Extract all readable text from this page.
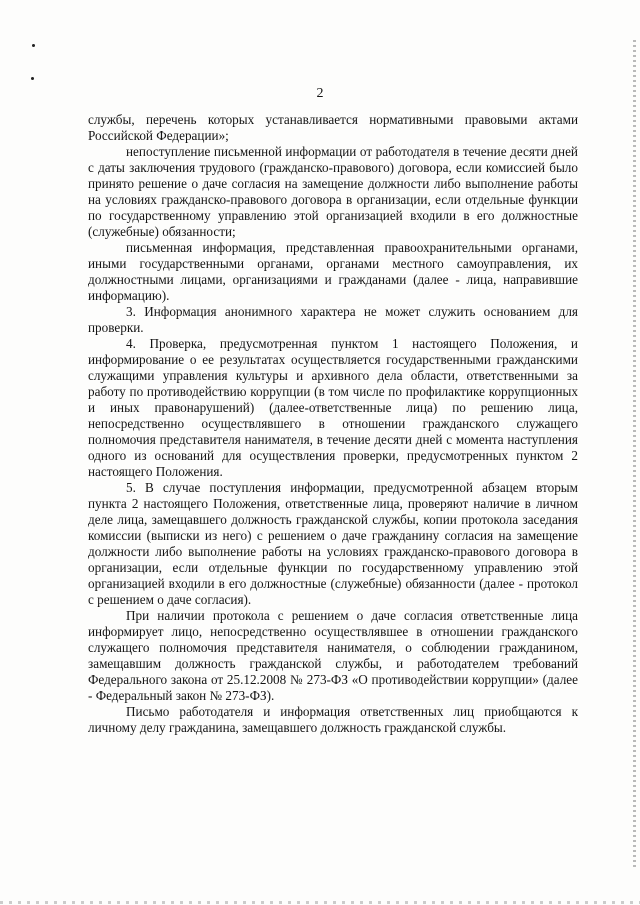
2

службы, перечень которых устанавливается нормативными правовыми актами Российской Федерации»;

непоступление письменной информации от работодателя в течение десяти дней с даты заключения трудового (гражданско-правового) договора, если комиссией было принято решение о даче согласия на замещение должности либо выполнение работы на условиях гражданско-правового договора в организации, если отдельные функции по государственному управлению этой организацией входили в его должностные (служебные) обязанности;

письменная информация, представленная правоохранительными органами, иными государственными органами, органами местного самоуправления, их должностными лицами, организациями и гражданами (далее - лица, направившие информацию).

3. Информация анонимного характера не может служить основанием для проверки.

4. Проверка, предусмотренная пунктом 1 настоящего Положения, и информирование о ее результатах осуществляется государственными гражданскими служащими управления культуры и архивного дела области, ответственными за работу по противодействию коррупции (в том числе по профилактике коррупционных и иных правонарушений) (далее-ответственные лица) по решению лица, непосредственно осуществлявшего в отношении гражданского служащего полномочия представителя нанимателя, в течение десяти дней с момента наступления одного из оснований для осуществления проверки, предусмотренных пунктом 2 настоящего Положения.

5. В случае поступления информации, предусмотренной абзацем вторым пункта 2 настоящего Положения, ответственные лица, проверяют наличие в личном деле лица, замещавшего должность гражданской службы, копии протокола заседания комиссии (выписки из него) с решением о даче гражданину согласия на замещение должности либо выполнение работы на условиях гражданско-правового договора в организации, если отдельные функции по государственному управлению этой организацией входили в его должностные (служебные) обязанности (далее - протокол с решением о даче согласия).

При наличии протокола с решением о даче согласия ответственные лица информирует лицо, непосредственно осуществлявшее в отношении гражданского служащего полномочия представителя нанимателя, о соблюдении гражданином, замещавшим должность гражданской службы, и работодателем требований Федерального закона от 25.12.2008 № 273-ФЗ «О противодействии коррупции» (далее - Федеральный закон № 273-ФЗ).

Письмо работодателя и информация ответственных лиц приобщаются к личному делу гражданина, замещавшего должность гражданской службы.
